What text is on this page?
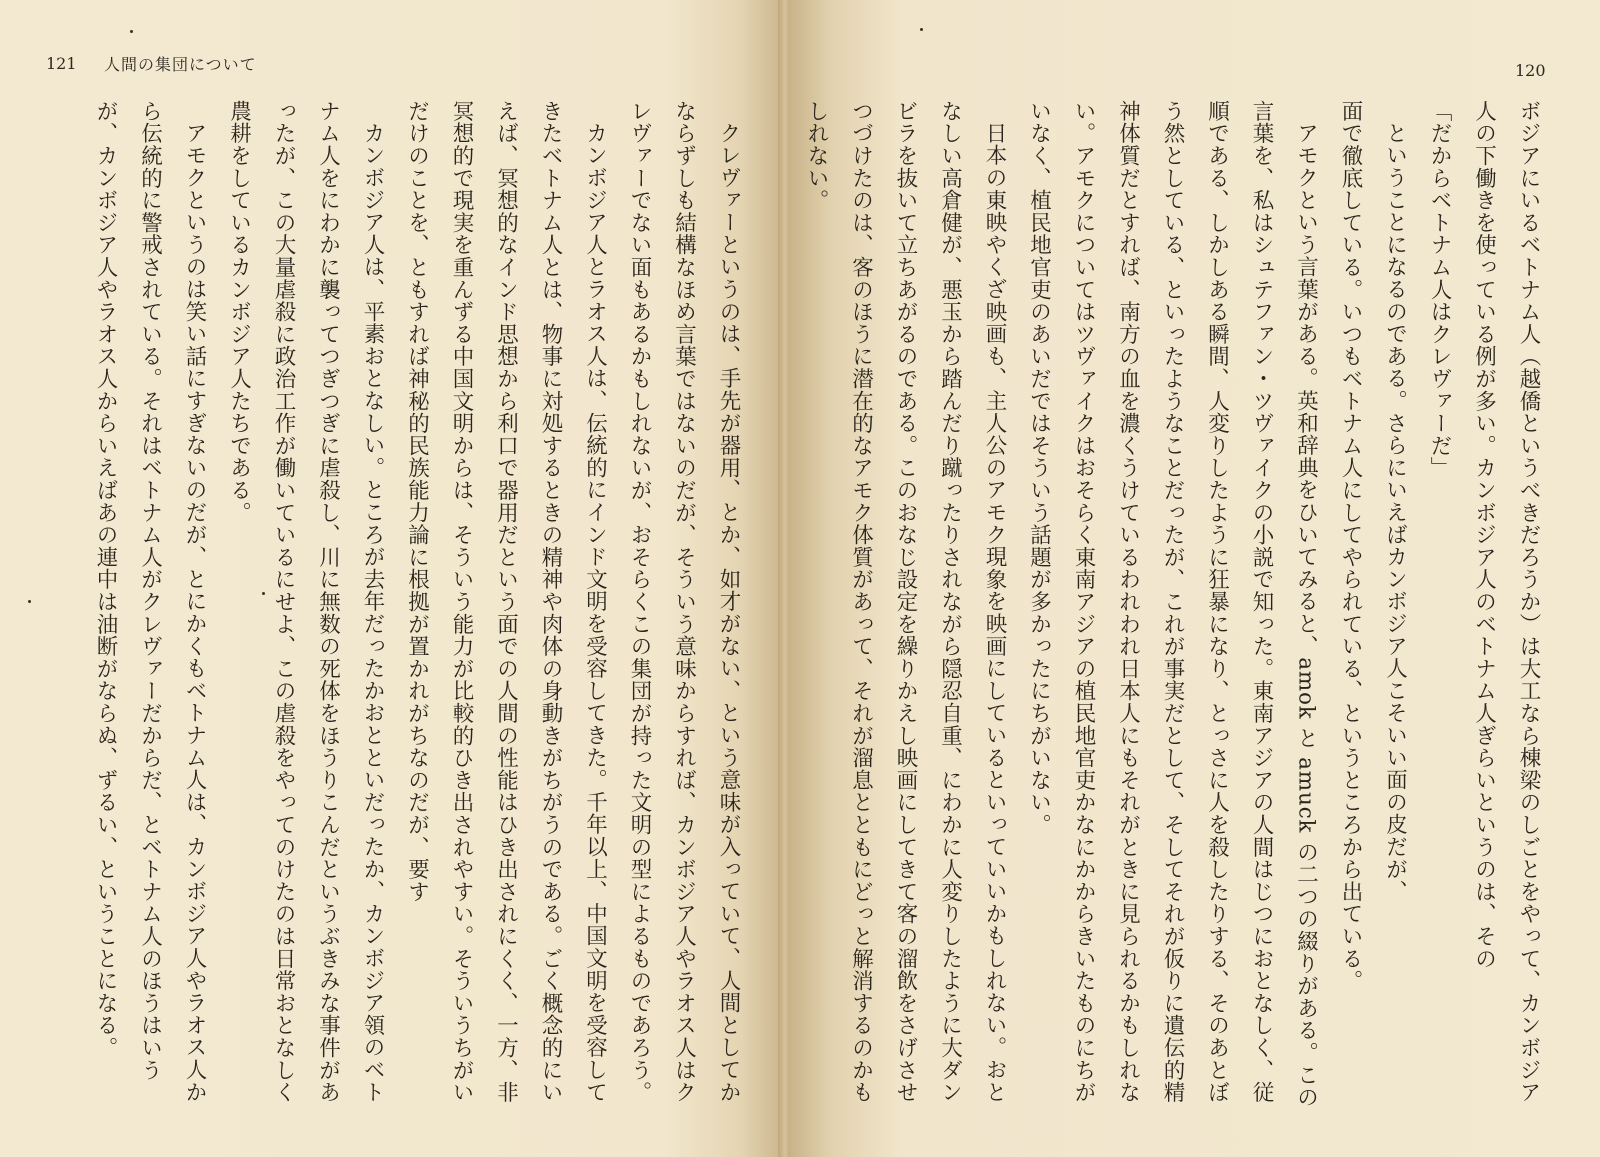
121	人間の集団について

クレヴァーというのは、手先が器用、とか、如才がない、という意味が入っていて、人間としてかならずしも結構なほめ言葉ではないのだが、そういう意味からすれば、カンボジア人やラオス人はクレヴァーでない面もあるかもしれないが、おそらくこの集団が持った文明の型によるものであろう。

カンボジア人とラオス人は、伝統的にインド文明を受容してきた。千年以上、中国文明を受容してきたベトナム人とは、物事に対処するときの精神や肉体の身動きがちがうのである。ごく概念的にいえば、冥想的なインド思想から利口で器用だという面での人間の性能はひき出されにくく、一方、非冥想的で現実を重んずる中国文明からは、そういう能力が比較的ひき出されやすい。そういうちがいだけのことを、ともすれば神秘的民族能力論に根拠が置かれがちなのだが、要す

カンボジア人は、平素おとなしい。ところが去年だったかおとといだったか、カンボジア領のベトナム人をにわかに襲ってつぎつぎに虐殺し、川に無数の死体をほうりこんだというぶきみな事件があったが、この大量虐殺に政治工作が働いているにせよ、この虐殺をやってのけたのは日常おとなしく農耕をしているカンボジア人たちである。

アモクというのは笑い話にすぎないのだが、とにかくもベトナム人は、カンボジア人やラオス人から伝統的に警戒されている。それはベトナム人がクレヴァーだからだ、とベトナム人のほうはいうが、カンボジア人やラオス人からいえばあの連中は油断がならぬ、ずるい、ということになる。

120

ボジアにいるベトナム人（越僑というべきだろうか）は大工なら棟梁のしごとをやって、カンボジア人の下働きを使っている例が多い。カンボジア人のベトナム人ぎらいというのは、その

「だからベトナム人はクレヴァーだ」

ということになるのである。さらにいえばカンボジア人こそいい面の皮だが、

面で徹底している。いつもベトナム人にしてやられている、というところから出ている。

アモクという言葉がある。英和辞典をひいてみると、amok と amuck の二つの綴りがある。この言葉を、私はシュテファン・ツヴァイクの小説で知った。東南アジアの人間はじつにおとなしく、従順である、しかしある瞬間、人変りしたように狂暴になり、とっさに人を殺したりする、そのあとぼう然としている、といったようなことだったが、これが事実だとして、そしてそれが仮りに遺伝的精神体質だとすれば、南方の血を濃くうけているわれわれ日本人にもそれがときに見られるかもしれない。アモクについてはツヴァイクはおそらく東南アジアの植民地官吏かなにかからきいたものにちがいなく、植民地官吏のあいだではそういう話題が多かったにちがいない。

日本の東映やくざ映画も、主人公のアモク現象を映画にしているといっていいかもしれない。おとなしい高倉健が、悪玉から踏んだり蹴ったりされながら隠忍自重、にわかに人変りしたように大ダンビラを抜いて立ちあがるのである。このおなじ設定を繰りかえし映画にしてきて客の溜飲をさげさせつづけたのは、客のほうに潜在的なアモク体質があって、それが溜息とともにどっと解消するのかもしれない。
